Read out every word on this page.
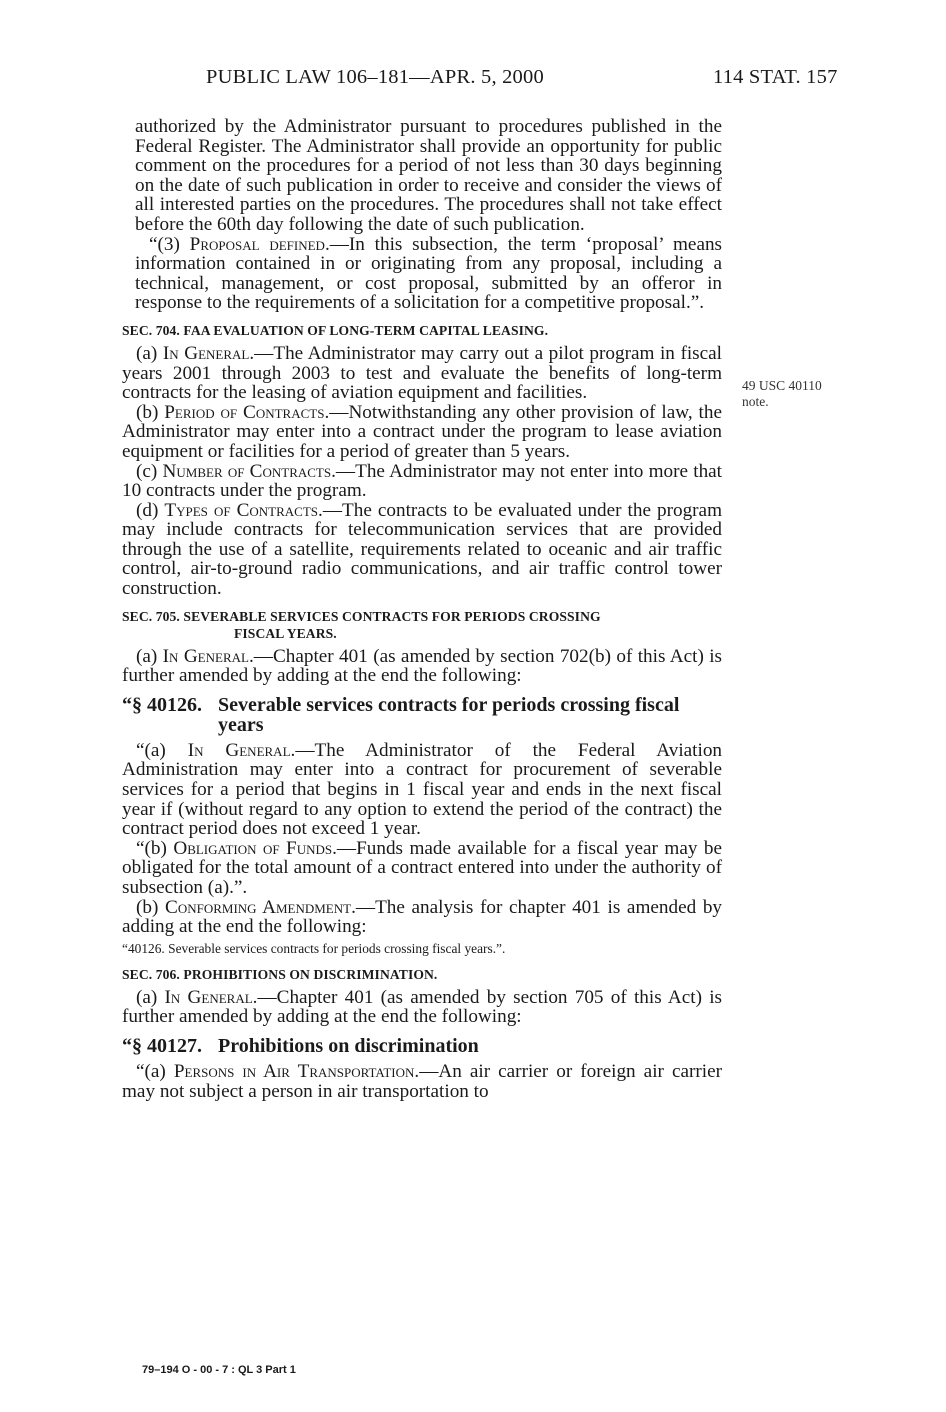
PUBLIC LAW 106–181—APR. 5, 2000	114 STAT. 157
49 USC 40110
note.

authorized by the Administrator pursuant to procedures published in the Federal Register. The Administrator shall provide an opportunity for public comment on the procedures for a period of not less than 30 days beginning on the date of such publication in order to receive and consider the views of all interested parties on the procedures. The procedures shall not take effect before the 60th day following the date of such publication.

“(3) Proposal defined.—In this subsection, the term ‘proposal’ means information contained in or originating from any proposal, including a technical, management, or cost proposal, submitted by an offeror in response to the requirements of a solicitation for a competitive proposal.”.

SEC. 704. FAA EVALUATION OF LONG-TERM CAPITAL LEASING.

(a) In General.—The Administrator may carry out a pilot program in fiscal years 2001 through 2003 to test and evaluate the benefits of long-term contracts for the leasing of aviation equipment and facilities.

(b) Period of Contracts.—Notwithstanding any other provision of law, the Administrator may enter into a contract under the program to lease aviation equipment or facilities for a period of greater than 5 years.

(c) Number of Contracts.—The Administrator may not enter into more that 10 contracts under the program.

(d) Types of Contracts.—The contracts to be evaluated under the program may include contracts for telecommunication services that are provided through the use of a satellite, requirements related to oceanic and air traffic control, air-to-ground radio communications, and air traffic control tower construction.

SEC. 705. SEVERABLE SERVICES CONTRACTS FOR PERIODS CROSSING
FISCAL YEARS.

(a) In General.—Chapter 401 (as amended by section 702(b) of this Act) is further amended by adding at the end the following:

“§ 40126. Severable services contracts for periods crossing fiscal years

“(a) In General.—The Administrator of the Federal Aviation Administration may enter into a contract for procurement of severable services for a period that begins in 1 fiscal year and ends in the next fiscal year if (without regard to any option to extend the period of the contract) the contract period does not exceed 1 year.

“(b) Obligation of Funds.—Funds made available for a fiscal year may be obligated for the total amount of a contract entered into under the authority of subsection (a).”.

(b) Conforming Amendment.—The analysis for chapter 401 is amended by adding at the end the following:

“40126. Severable services contracts for periods crossing fiscal years.”.
SEC. 706. PROHIBITIONS ON DISCRIMINATION.

(a) In General.—Chapter 401 (as amended by section 705 of this Act) is further amended by adding at the end the following:

“§ 40127. Prohibitions on discrimination

“(a) Persons in Air Transportation.—An air carrier or foreign air carrier may not subject a person in air transportation to

79–194 O - 00 - 7 : QL 3 Part 1
